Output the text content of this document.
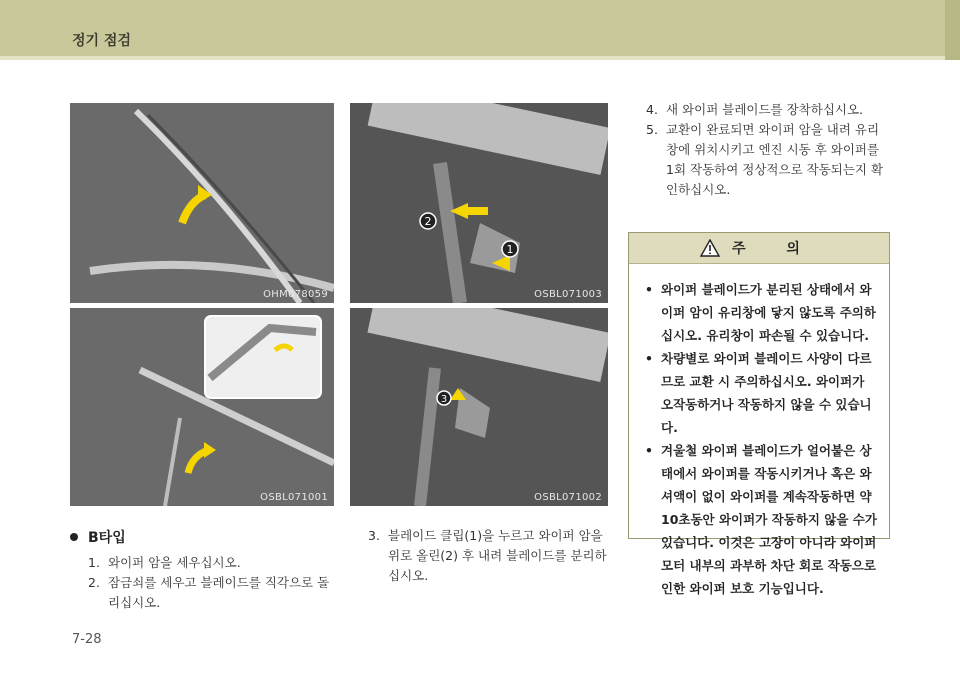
정기 점검
OHM078059
2
1
OSBL071003
OSBL071001
3
OSBL071002
B타입
1. 와이퍼 암을 세우십시오.
2. 잠금쇠를 세우고 블레이드를 직각으로 돌리십시오.
3. 블레이드 클립(1)을 누르고 와이퍼 암을 위로 올린(2) 후 내려 블레이드를 분리하십시오.
4. 새 와이퍼 블레이드를 장착하십시오.
5. 교환이 완료되면 와이퍼 암을 내려 유리창에 위치시키고 엔진 시동 후 와이퍼를 1회 작동하여 정상적으로 작동되는지 확인하십시오.
주 의
• 와이퍼 블레이드가 분리된 상태에서 와이퍼 암이 유리창에 닿지 않도록 주의하십시오. 유리창이 파손될 수 있습니다.
• 차량별로 와이퍼 블레이드 사양이 다르므로 교환 시 주의하십시오. 와이퍼가 오작동하거나 작동하지 않을 수 있습니다.
• 겨울철 와이퍼 블레이드가 얼어붙은 상태에서 와이퍼를 작동시키거나 혹은 와셔액이 없이 와이퍼를 계속작동하면 약 10초동안 와이퍼가 작동하지 않을 수가 있습니다. 이것은 고장이 아니라 와이퍼모터 내부의 과부하 차단 회로 작동으로 인한 와이퍼 보호 기능입니다.
7-28
